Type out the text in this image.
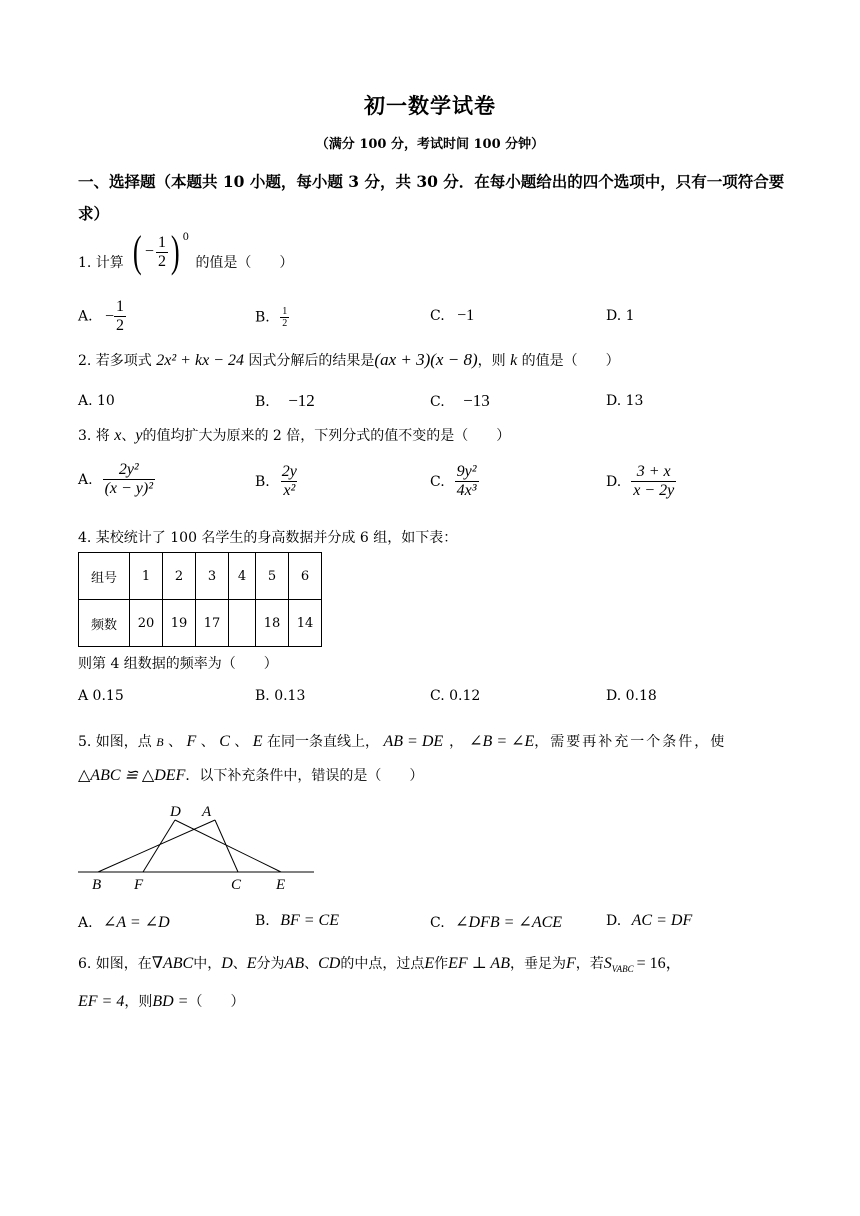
初一数学试卷
（满分 100 分，考试时间 100 分钟）
一、选择题（本题共 10 小题，每小题 3 分，共 30 分．在每小题给出的四个选项中，只有一项符合要求）
1. 计算 ( − $\frac{1}{2}$ ) $^0$
的值是（　　）
A. − $\frac{1}{2}$	B. $\frac{1}{2}$	C. −1	D. 1
2. 若多项式 2x² + kx − 24 因式分解后的结果是(ax + 3)(x − 8)，则 k 的值是（　　）
A. 10	B. −12	C. −13	D. 13
3. 将 x、y的值均扩大为原来的 2 倍，下列分式的值不变的是（　　）
A. $\frac{\text{2y²}}{\text{(x − y)²}}$	B. $\frac{2y}{\text{x²}}$	C. $\frac{\text{9y²}}{\text{4x³}}$	D. $\frac{3 + x}{x - 2y}$
4. 某校统计了 100 名学生的身高数据并分成 6 组，如下表：
组号	1	2	3	4	5	6
频数	20	19	17		18	14
则第 4 组数据的频率为（　　）
A 0.15	B. 0.13	C. 0.12	D. 0.18
5. 如图，点 B 、 F 、 C 、 E 在同一条直线上， AB = DE ， ∠B = ∠E，需要再补充一个条件，使
△ABC ≌ △DEF．以下补充条件中，错误的是（　　）
D A
B F	C E
A. ∠A = ∠D	B. BF = CE	C. ∠DFB = ∠ACE	D. AC = DF
6. 如图，在∇ABC中，D、E分为AB、CD的中点，过点E作EF ⊥ AB，垂足为F，若$S_{VABC} = 16$，
EF = 4，则BD =（　　）
